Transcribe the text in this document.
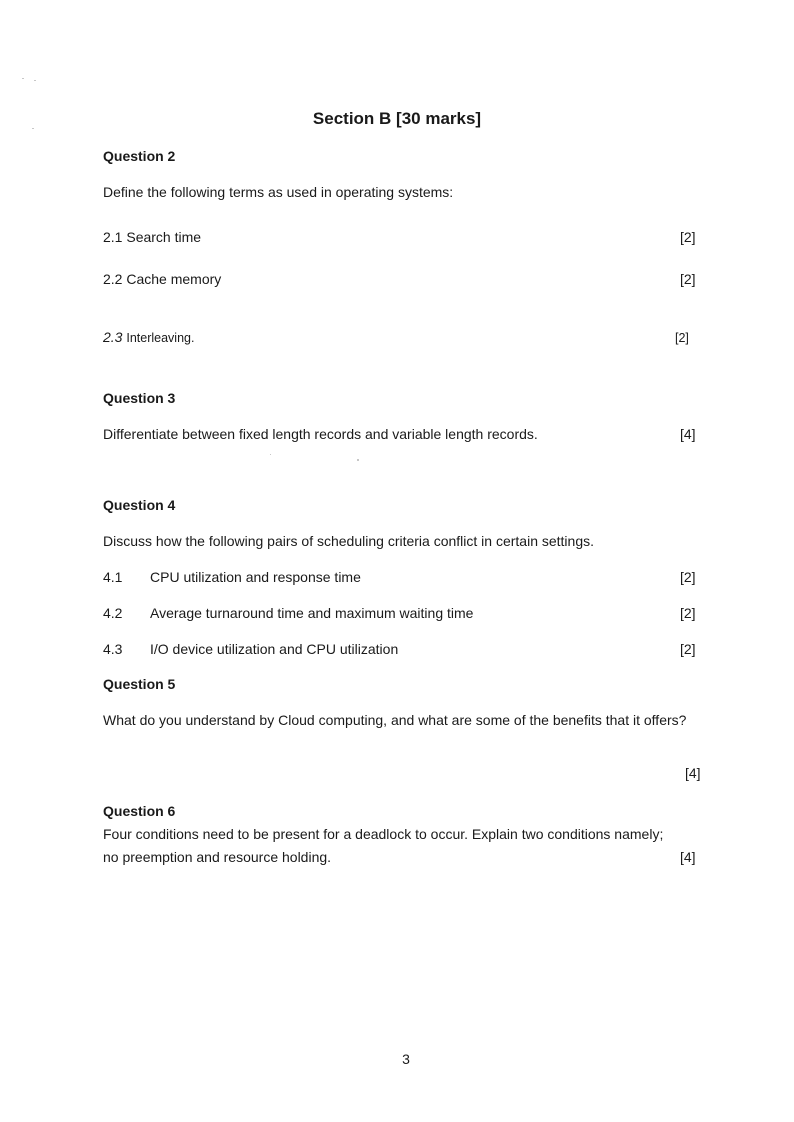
Section B [30 marks]
Question 2
Define the following terms as used in operating systems:
2.1 Search time	[2]
2.2 Cache memory	[2]
2.3 Interleaving.	[2]
Question 3
Differentiate between fixed length records and variable length records.	[4]
Question 4
Discuss how the following pairs of scheduling criteria conflict in certain settings.
4.1 CPU utilization and response time	[2]
4.2 Average turnaround time and maximum waiting time	[2]
4.3 I/O device utilization and CPU utilization	[2]
Question 5
What do you understand by Cloud computing, and what are some of the benefits that it offers?
[4]
Question 6
Four conditions need to be present for a deadlock to occur. Explain two conditions namely;
no preemption and resource holding.	[4]
3
